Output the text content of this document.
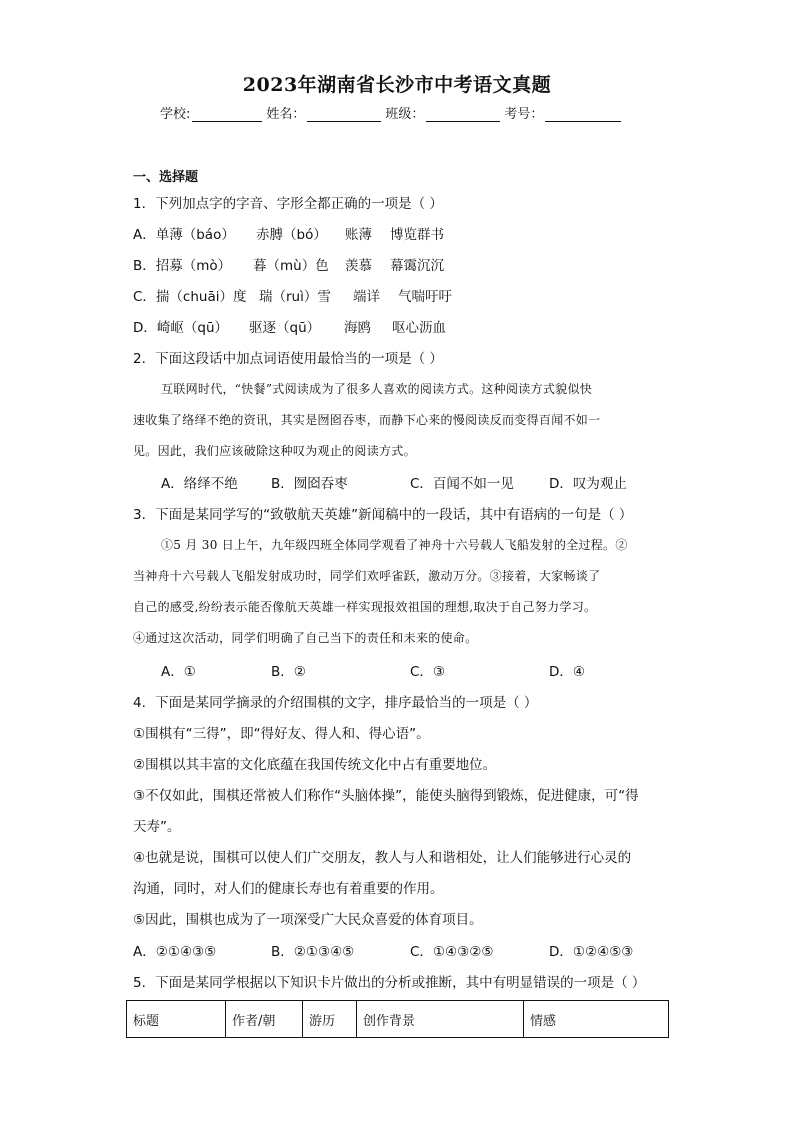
2023年湖南省长沙市中考语文真题
学校:	姓名：	班级：	考号：
一、选择题
1．下列加点字的字音、字形全都正确的一项是（ ）
A．单薄（báo） 赤膊（bó） 账薄 博览群书
B．招募（mò） 暮（mù）色 羡慕 幕霭沉沉
C．揣（chuāi）度 瑞（ruì）雪 端详 气喘吁吁
D．崎岖（qū） 驱逐（qū） 海鸥 呕心沥血
2．下面这段话中加点词语使用最恰当的一项是（ ）
互联网时代，“快餐”式阅读成为了很多人喜欢的阅读方式。这种阅读方式貌似快
速收集了络绎不绝的资讯，其实是囫囵吞枣，而静下心来的慢阅读反而变得百闻不如一
见。因此，我们应该破除这种叹为观止的阅读方式。
A．络绎不绝 B．囫囵吞枣	C．百闻不如一见	D．叹为观止
3．下面是某同学写的“致敬航天英雄”新闻稿中的一段话，其中有语病的一句是（ ）
①5 月 30 日上午，九年级四班全体同学观看了神舟十六号载人飞船发射的全过程。②
当神舟十六号载人飞船发射成功时，同学们欢呼雀跃，激动万分。③接着，大家畅谈了
自己的感受,纷纷表示能否像航天英雄一样实现报效祖国的理想,取决于自己努力学习。
④通过这次活动，同学们明确了自己当下的责任和未来的使命。
A．①	B．②	C．③	D．④
4．下面是某同学摘录的介绍围棋的文字，排序最恰当的一项是（ ）
①围棋有“三得”，即“得好友、得人和、得心语”。
②围棋以其丰富的文化底蕴在我国传统文化中占有重要地位。
③不仅如此，围棋还常被人们称作“头脑体操”，能使头脑得到锻炼，促进健康，可“得
天寿”。
④也就是说，围棋可以使人们广交朋友，教人与人和谐相处，让人们能够进行心灵的
沟通，同时，对人们的健康长寿也有着重要的作用。
⑤因此，围棋也成为了一项深受广大民众喜爱的体育项目。
A．②①④③⑤	B．②①③④⑤	C．①④③②⑤	D．①②④⑤③
5．下面是某同学根据以下知识卡片做出的分析或推断，其中有明显错误的一项是（ ）
标题	作者/朝	游历	创作背景	情感
